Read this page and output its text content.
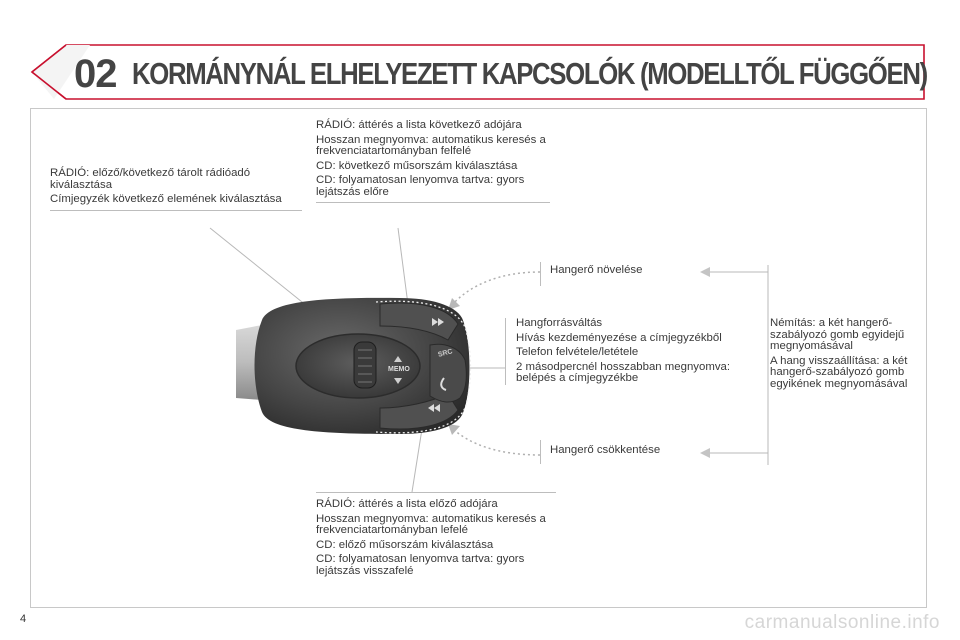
02 KORMÁNYNÁL ELHELYEZETT KAPCSOLÓK (MODELLTŐL FÜGGŐEN)
MEMO
SRC

RÁDIÓ: előző/következő tárolt rádióadó kiválasztása

Címjegyzék következő elemének kiválasztása

RÁDIÓ: áttérés a lista következő adójára

Hosszan megnyomva: automatikus keresés a frekvenciatartományban felfelé

CD: következő műsorszám kiválasztása

CD: folyamatosan lenyomva tartva: gyors lejátszás előre

Hangerő növelése

Hangforrásváltás

Hívás kezdeményezése a címjegyzékből

Telefon felvétele/letétele

2 másodpercnél hosszabban megnyomva: belépés a címjegyzékbe

Némítás: a két hangerő-szabályozó gomb egyidejű megnyomásával

A hang visszaállítása: a két hangerő-szabályozó gomb egyikének megnyomásával

Hangerő csökkentése

RÁDIÓ: áttérés a lista előző adójára

Hosszan megnyomva: automatikus keresés a frekvenciatartományban lefelé

CD: előző műsorszám kiválasztása

CD: folyamatosan lenyomva tartva: gyors lejátszás visszafelé

4	carmanualsonline.info
